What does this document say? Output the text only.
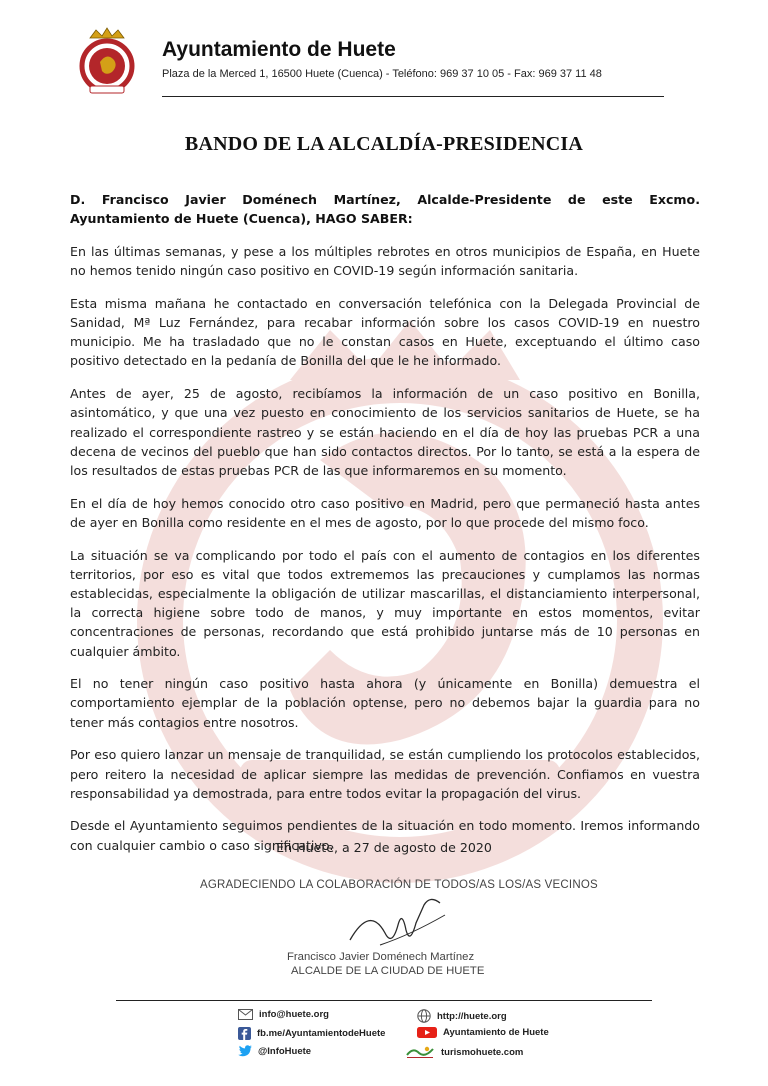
Ayuntamiento de Huete
Plaza de la Merced 1, 16500 Huete (Cuenca) - Teléfono: 969 37 10 05 - Fax: 969 37 11 48
BANDO DE LA ALCALDÍA-PRESIDENCIA

D. Francisco Javier Doménech Martínez, Alcalde-Presidente de este Excmo. Ayuntamiento de Huete (Cuenca), HAGO SABER:

En las últimas semanas, y pese a los múltiples rebrotes en otros municipios de España, en Huete no hemos tenido ningún caso positivo en COVID-19 según información sanitaria.

Esta misma mañana he contactado en conversación telefónica con la Delegada Provincial de Sanidad, Mª Luz Fernández, para recabar información sobre los casos COVID-19 en nuestro municipio. Me ha trasladado que no le constan casos en Huete, exceptuando el último caso positivo detectado en la pedanía de Bonilla del que le he informado.

Antes de ayer, 25 de agosto, recibíamos la información de un caso positivo en Bonilla, asintomático, y que una vez puesto en conocimiento de los servicios sanitarios de Huete, se ha realizado el correspondiente rastreo y se están haciendo en el día de hoy las pruebas PCR a una decena de vecinos del pueblo que han sido contactos directos. Por lo tanto, se está a la espera de los resultados de estas pruebas PCR de las que informaremos en su momento.

En el día de hoy hemos conocido otro caso positivo en Madrid, pero que permaneció hasta antes de ayer en Bonilla como residente en el mes de agosto, por lo que procede del mismo foco.

La situación se va complicando por todo el país con el aumento de contagios en los diferentes territorios, por eso es vital que todos extrememos las precauciones y cumplamos las normas establecidas, especialmente la obligación de utilizar mascarillas, el distanciamiento interpersonal, la correcta higiene sobre todo de manos, y muy importante en estos momentos, evitar concentraciones de personas, recordando que está prohibido juntarse más de 10 personas en cualquier ámbito.

El no tener ningún caso positivo hasta ahora (y únicamente en Bonilla) demuestra el comportamiento ejemplar de la población optense, pero no debemos bajar la guardia para no tener más contagios entre nosotros.

Por eso quiero lanzar un mensaje de tranquilidad, se están cumpliendo los protocolos establecidos, pero reitero la necesidad de aplicar siempre las medidas de prevención. Confiamos en vuestra responsabilidad ya demostrada, para entre todos evitar la propagación del virus.

Desde el Ayuntamiento seguimos pendientes de la situación en todo momento. Iremos informando con cualquier cambio o caso significativo.

En Huete, a 27 de agosto de 2020
AGRADECIENDO LA COLABORACIÓN DE TODOS/AS LOS/AS VECINOS
Francisco Javier Doménech Martínez
ALCALDE DE LA CIUDAD DE HUETE
info@huete.org
fb.me/AyuntamientodeHuete
@InfoHuete
http://huete.org
Ayuntamiento de Huete
turismohuete.com
